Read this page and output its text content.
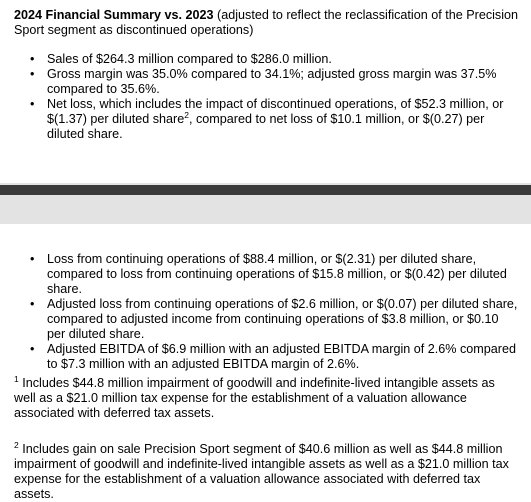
2024 Financial Summary vs. 2023 (adjusted to reflect the reclassification of the Precision Sport segment as discontinued operations)

• Sales of $264.3 million compared to $286.0 million.
• Gross margin was 35.0% compared to 34.1%; adjusted gross margin was 37.5% compared to 35.6%.
• Net loss, which includes the impact of discontinued operations, of $52.3 million, or $(1.37) per diluted share$^2$, compared to net loss of $10.1 million, or $(0.27) per diluted share.
• Loss from continuing operations of $88.4 million, or $(2.31) per diluted share, compared to loss from continuing operations of $15.8 million, or $(0.42) per diluted share.
• Adjusted loss from continuing operations of $2.6 million, or $(0.07) per diluted share, compared to adjusted income from continuing operations of $3.8 million, or $0.10 per diluted share.
• Adjusted EBITDA of $6.9 million with an adjusted EBITDA margin of 2.6% compared to $7.3 million with an adjusted EBITDA margin of 2.6%.

$^1$ Includes $44.8 million impairment of goodwill and indefinite-lived intangible assets as well as a $21.0 million tax expense for the establishment of a valuation allowance associated with deferred tax assets.

$^2$ Includes gain on sale Precision Sport segment of $40.6 million as well as $44.8 million impairment of goodwill and indefinite-lived intangible assets as well as a $21.0 million tax expense for the establishment of a valuation allowance associated with deferred tax assets.
